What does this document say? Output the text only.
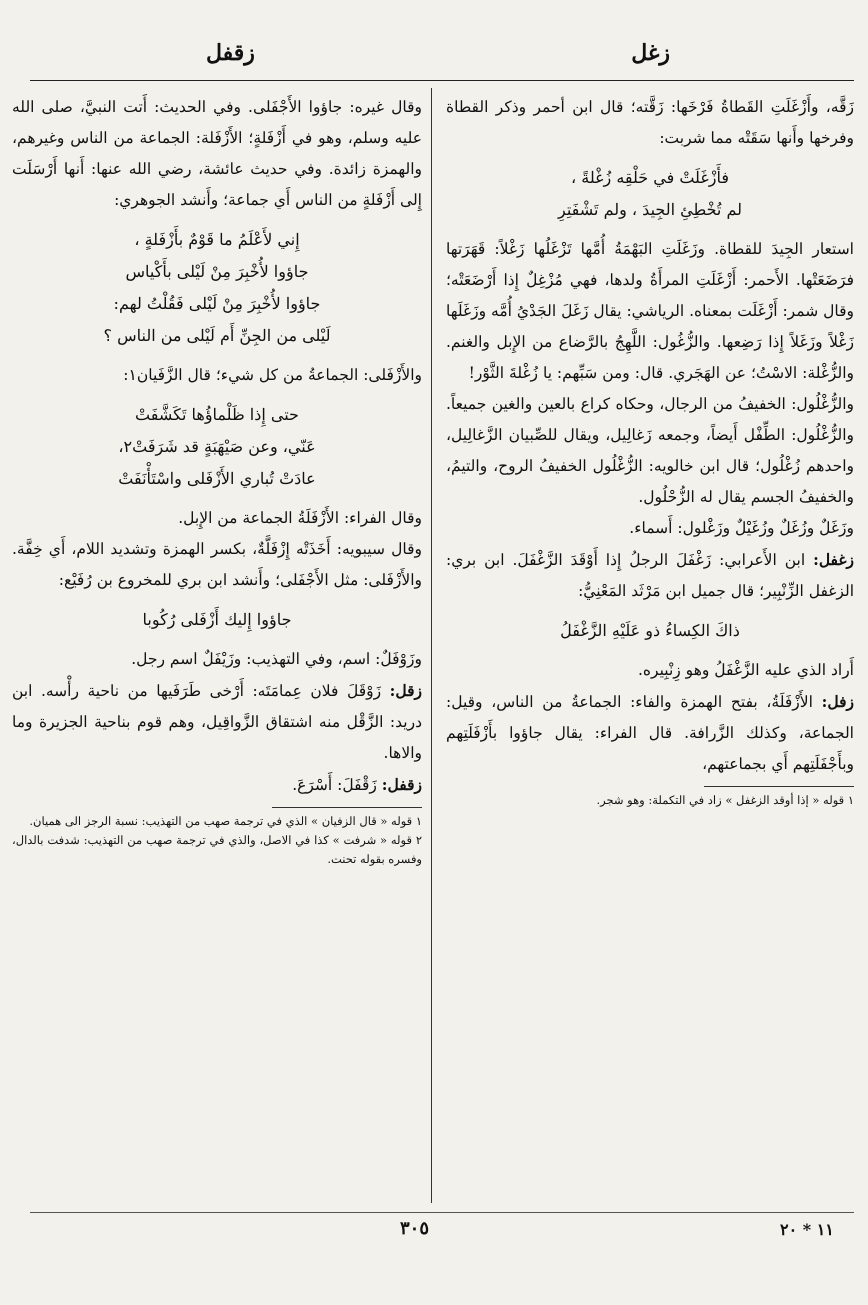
زغل
زقفل

زَقَّه، وأَزْغَلَتِ القَطاةُ فَرْخَها: زَقَّته؛ قال ابن أحمر وذكر القطاة وفرخها وأَنها سَقَتْه مما شربت:

فأَزْغَلَتْ في حَلْقِه زُغْلةً ،
لم تُخْطِئِ الجِيدَ ، ولم تَشْفَتِرِ

استعار الجِيدَ للقطاة. وزَغَلَتِ البَهْمَةُ أُمَّها تَزْغَلُها زَغْلاً: قَهَرَتها فرَضَعَتْها. الأَحمر: أَزْغَلَتِ المرأَةُ ولدها، فهي مُزْغِلٌ إِذا أَرْضَعَتْه؛ وقال شمر: أَزْغَلَت بمعناه. الرياشي: يقال زَغَلَ الجَدْيُ أُمَّه وزَغَلَها زَغْلاً وزَغَلاً إِذا رَضِعها. والزُّغُول: اللَّهِجُ بالرَّضاع من الإِبل والغنم. والزُّغْلة: الاسْتُ؛ عن الهَجَري. قال: ومن سَبِّهم: يا زُغْلةَ الثَّوْر!

والزُّغْلُول: الخفيفُ من الرجال، وحكاه كراع بالعين والغين جميعاً. والزُّغْلُول: الطِّفْل أَيضاً، وجمعه زَغالِيل، ويقال للصِّبيان الزَّغالِيل، واحدهم زُغْلُول؛ قال ابن خالويه: الزُّغْلُول الخفيفُ الروح، والتيمُ، والخفيفُ الجسم يقال له الزُّحْلُول.

وزَغَلٌ وزُغَلٌ وزُغَيْلٌ وزَغْلول: أَسماء.

زغفل: ابن الأَعرابي: زَغْفَلَ الرجلُ إِذا أَوْقَدَ الزَّغْفَلَ. ابن بري: الزغفل الزِّنْبِير؛ قال جميل ابن مَرْثَد المَعْنِيُّ:

ذاكَ الكِساءُ ذو عَلَيْهِ الزَّغْفَلُ

أَراد الذي عليه الزَّغْفَلُ وهو زِنْبِيره.

زفل: الأَزْفَلَةُ، بفتح الهمزة والفاء: الجماعةُ من الناس، وقيل: الجماعة، وكذلك الزَّرافة. قال الفراء: يقال جاؤوا بأَزْفَلَتِهم وبأَجْفَلَتِهم أَي بجماعتهم،

١ قوله « إذا أوقد الزغفل » زاد في التكملة: وهو شجر.

وقال غيره: جاؤوا الأَجْفَلى. وفي الحديث: أَتت النبيَّ، صلى الله عليه وسلم، وهو في أَزْفَلةٍ؛ الأَزْفَلة: الجماعة من الناس وغيرهم، والهمزة زائدة. وفي حديث عائشة، رضي الله عنها: أَنها أَرْسَلَت إِلى أَزْفَلةٍ من الناس أَي جماعة؛ وأَنشد الجوهري:

إِني لأَعْلَمُ ما قَوْمٌ بأَزْفَلةٍ ،
جاؤوا لأُخْبِرَ مِنْ لَيْلى بأَكْياس
جاؤوا لأُخْبِرَ مِنْ لَيْلى فَقُلْتُ لهم:
لَيْلى من الجِنِّ أَم لَيْلى من الناس ؟

والأَزْفَلى: الجماعةُ من كل شيء؛ قال الزَّفَيان١:

حتى إِذا ظَلْماؤُها تَكَشَّفَتْ
عَنّي، وعن صَيْهَبَةٍ قد شَرَفَتْ٢،
عادَتْ تُباري الأَزْفَلى واسْتَأْنَفَتْ

وقال الفراء: الأَزْفَلَةُ الجماعة من الإِبل.

وقال سيبويه: أَخَذَتْه إِزْفَلَّةٌ، بكسر الهمزة وتشديد اللام، أَي خِفَّة. والأَزْفَلى: مثل الأَجْفَلى؛ وأَنشد ابن بري للمخروع بن رُفَيْع:

جاؤوا إِليك أَزْفَلى رُكُوبا

وزَوْفَلٌ: اسم، وفي التهذيب: وزَيْفَلٌ اسم رجل.

زقل: زَوْقَلَ فلان عِمامَتَه: أَرْخى طَرَفَيها من ناحية رأْسه. ابن دريد: الزَّقْل منه اشتقاق الزَّواقِيل، وهم قوم بناحية الجزيرة وما والاها.

زقفل: زَقْفَلَ: أَسْرَعَ.

١ قوله « قال الزفيان » الذي في ترجمة صهب من التهذيب: نسبة الرجز الى هميان.
٢ قوله « شرفت » كذا في الاصل، والذي في ترجمة صهب من التهذيب: شدفت بالدال، وفسره بقوله تحنت.
٣٠٥	١١ * ٢٠
